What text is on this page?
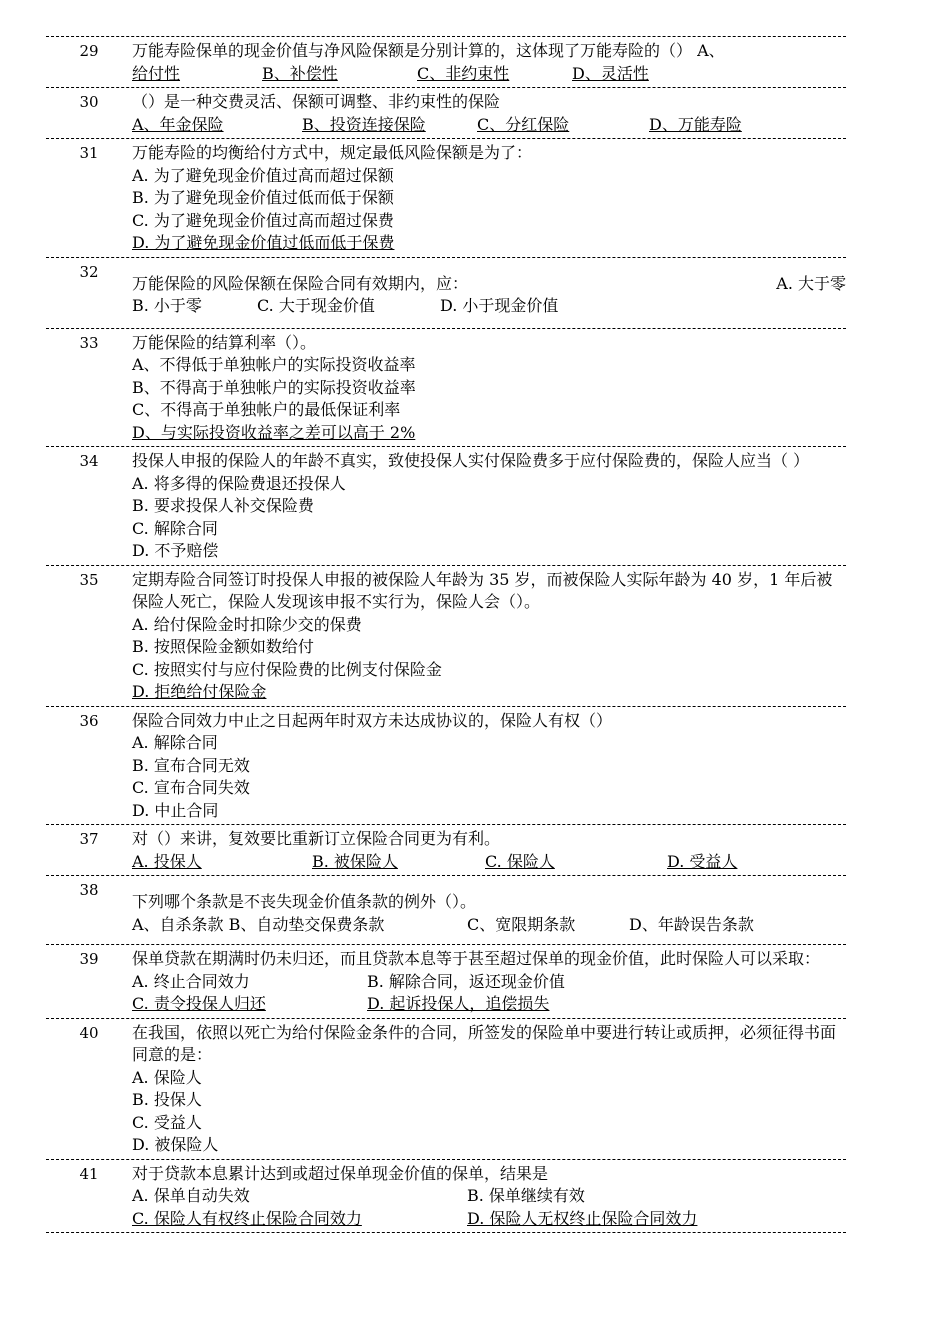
29	万能寿险保单的现金价值与净风险保额是分别计算的，这体现了万能寿险的（） A、
给付性	B、补偿性	C、非约束性	D、灵活性
30	（）是一种交费灵活、保额可调整、非约束性的保险
A、年金保险	B、投资连接保险	C、分红保险	D、万能寿险
31	万能寿险的均衡给付方式中，规定最低风险保额是为了：
A. 为了避免现金价值过高而超过保额
B. 为了避免现金价值过低而低于保额
C. 为了避免现金价值过高而超过保费
D. 为了避免现金价值过低而低于保费
32
万能保险的风险保额在保险合同有效期内，应：	A. 大于零
B. 小于零	C. 大于现金价值	D. 小于现金价值
33	万能保险的结算利率（）。
A、不得低于单独帐户的实际投资收益率
B、不得高于单独帐户的实际投资收益率
C、不得高于单独帐户的最低保证利率
D、与实际投资收益率之差可以高于 2%
34	投保人申报的保险人的年龄不真实，致使投保人实付保险费多于应付保险费的，保险人应当（ ）
A. 将多得的保险费退还投保人
B. 要求投保人补交保险费
C. 解除合同
D. 不予赔偿
35	定期寿险合同签订时投保人申报的被保险人年龄为 35 岁，而被保险人实际年龄为 40 岁，1 年后被保险人死亡，保险人发现该申报不实行为，保险人会（）。
A. 给付保险金时扣除少交的保费
B. 按照保险金额如数给付
C. 按照实付与应付保险费的比例支付保险金
D. 拒绝给付保险金
36	保险合同效力中止之日起两年时双方未达成协议的，保险人有权（）
A. 解除合同
B. 宣布合同无效
C. 宣布合同失效
D. 中止合同
37	对（）来讲，复效要比重新订立保险合同更为有利。
A. 投保人	B. 被保险人	C. 保险人	D. 受益人
38
下列哪个条款是不丧失现金价值条款的例外（）。
A、自杀条款 B、自动垫交保费条款	C、宽限期条款	D、年龄误告条款
39	保单贷款在期满时仍未归还，而且贷款本息等于甚至超过保单的现金价值，此时保险人可以采取：
A. 终止合同效力	B. 解除合同，返还现金价值
C. 责令投保人归还	D. 起诉投保人，追偿损失
40	在我国，依照以死亡为给付保险金条件的合同，所签发的保险单中要进行转让或质押，必须征得书面同意的是：
A. 保险人
B. 投保人
C. 受益人
D. 被保险人
41	对于贷款本息累计达到或超过保单现金价值的保单，结果是
A. 保单自动失效	B. 保单继续有效
C. 保险人有权终止保险合同效力	D. 保险人无权终止保险合同效力
